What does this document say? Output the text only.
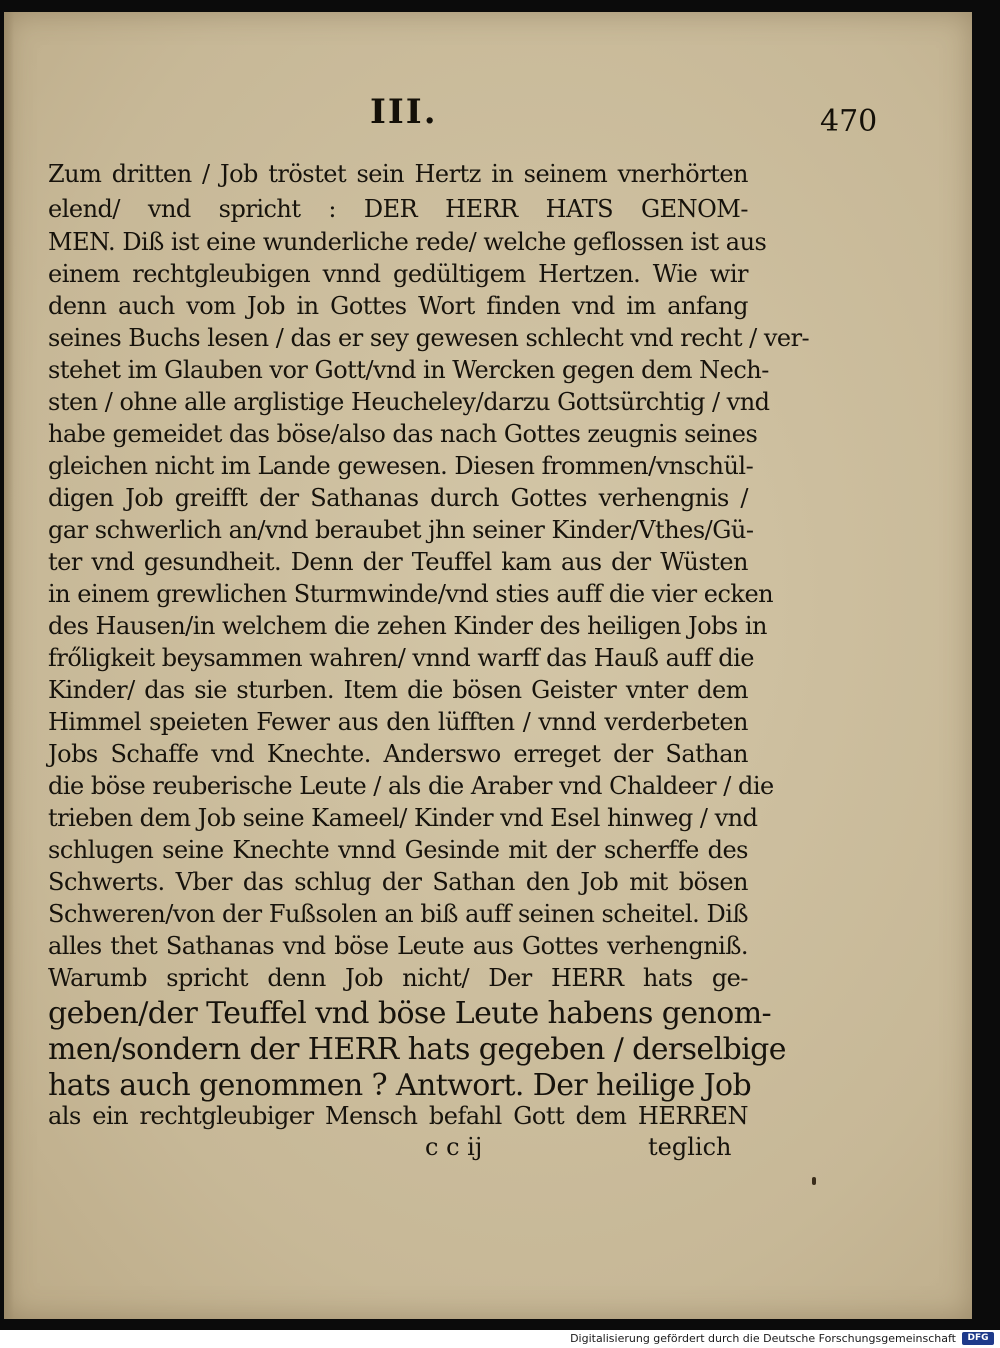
III.	470
Zum dritten / Job tröstet sein Hertz in seinem vnerhörten
elend/ vnd spricht : DER HERR HATS GENOM-
MEN. Diß ist eine wunderliche rede/ welche geflossen ist aus
einem rechtgleubigen vnnd gedültigem Hertzen. Wie wir
denn auch vom Job in Gottes Wort finden vnd im anfang
seines Buchs lesen / das er sey gewesen schlecht vnd recht / ver-
stehet im Glauben vor Gott/vnd in Wercken gegen dem Nech-
sten / ohne alle arglistige Heucheley/darzu Gottsürchtig / vnd
habe gemeidet das böse/also das nach Gottes zeugnis seines
gleichen nicht im Lande gewesen. Diesen frommen/vnschül-
digen Job greifft der Sathanas durch Gottes verhengnis /
gar schwerlich an/vnd beraubet jhn seiner Kinder/Vthes/Gü-
ter vnd gesundheit. Denn der Teuffel kam aus der Wüsten
in einem grewlichen Sturmwinde/vnd sties auff die vier ecken
des Hausen/in welchem die zehen Kinder des heiligen Jobs in
frőligkeit beysammen wahren/ vnnd warff das Hauß auff die
Kinder/ das sie sturben. Item die bösen Geister vnter dem
Himmel speieten Fewer aus den lüfften / vnnd verderbeten
Jobs Schaffe vnd Knechte. Anderswo erreget der Sathan
die böse reuberische Leute / als die Araber vnd Chaldeer / die
trieben dem Job seine Kameel/ Kinder vnd Esel hinweg / vnd
schlugen seine Knechte vnnd Gesinde mit der scherffe des
Schwerts. Vber das schlug der Sathan den Job mit bösen
Schweren/von der Fußsolen an biß auff seinen scheitel. Diß
alles thet Sathanas vnd böse Leute aus Gottes verhengniß.
Warumb spricht denn Job nicht/ Der HERR hats ge-
geben/der Teuffel vnd böse Leute habens genom-
men/sondern der HERR hats gegeben / derselbige
hats auch genommen ? Antwort. Der heilige Job
als ein rechtgleubiger Mensch befahl Gott dem HERREN
c c ij	teglich
Digitalisierung gefördert durch die Deutsche Forschungsgemeinschaft	DFG
